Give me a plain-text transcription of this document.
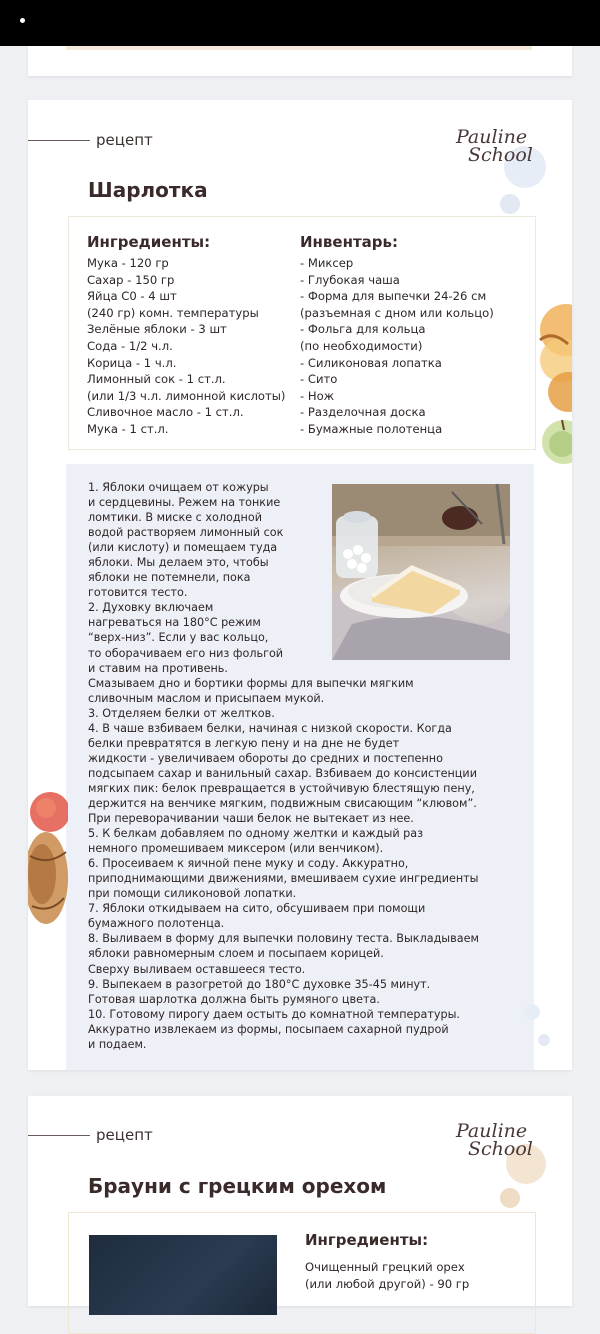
рецепт	Pauline
School
Шарлотка
Ингредиенты:
Мука - 120 гр
Сахар - 150 гр
Яйца С0 - 4 шт
(240 гр) комн. температуры
Зелёные яблоки - 3 шт
Сода - 1/2 ч.л.
Корица - 1 ч.л.
Лимонный сок - 1 ст.л.
(или 1/3 ч.л. лимонной кислоты)
Сливочное масло - 1 ст.л.
Мука - 1 ст.л.
Инвентарь:
- Миксер
- Глубокая чаша
- Форма для выпечки 24-26 см
(разъемная с дном или кольцо)
- Фольга для кольца
(по необходимости)
- Силиконовая лопатка
- Сито
- Нож
- Разделочная доска
- Бумажные полотенца
1. Яблоки очищаем от кожуры
и сердцевины. Режем на тонкие
ломтики. В миске с холодной
водой растворяем лимонный сок
(или кислоту) и помещаем туда
яблоки. Мы делаем это, чтобы
яблоки не потемнели, пока
готовится тесто.
2. Духовку включаем
нагреваться на 180°С режим
“верх-низ”. Если у вас кольцо,
то оборачиваем его низ фольгой
и ставим на противень.
Смазываем дно и бортики формы для выпечки мягким
сливочным маслом и присыпаем мукой.
3. Отделяем белки от желтков.
4. В чаше взбиваем белки, начиная с низкой скорости. Когда
белки превратятся в легкую пену и на дне не будет
жидкости - увеличиваем обороты до средних и постепенно
подсыпаем сахар и ванильный сахар. Взбиваем до консистенции
мягких пик: белок превращается в устойчивую блестящую пену,
держится на венчике мягким, подвижным свисающим “клювом”.
При переворачивании чаши белок не вытекает из нее.
5. К белкам добавляем по одному желтки и каждый раз
немного промешиваем миксером (или венчиком).
6. Просеиваем к яичной пене муку и соду. Аккуратно,
приподнимающими движениями, вмешиваем сухие ингредиенты
при помощи силиконовой лопатки.
7. Яблоки откидываем на сито, обсушиваем при помощи
бумажного полотенца.
8. Выливаем в форму для выпечки половину теста. Выкладываем
яблоки равномерным слоем и посыпаем корицей.
Сверху выливаем оставшееся тесто.
9. Выпекаем в разогретой до 180°С духовке 35-45 минут.
Готовая шарлотка должна быть румяного цвета.
10. Готовому пирогу даем остыть до комнатной температуры.
Аккуратно извлекаем из формы, посыпаем сахарной пудрой
и подаем.
рецепт	Pauline
School
Брауни с грецким орехом
Ингредиенты:
Очищенный грецкий орех
(или любой другой) - 90 гр
